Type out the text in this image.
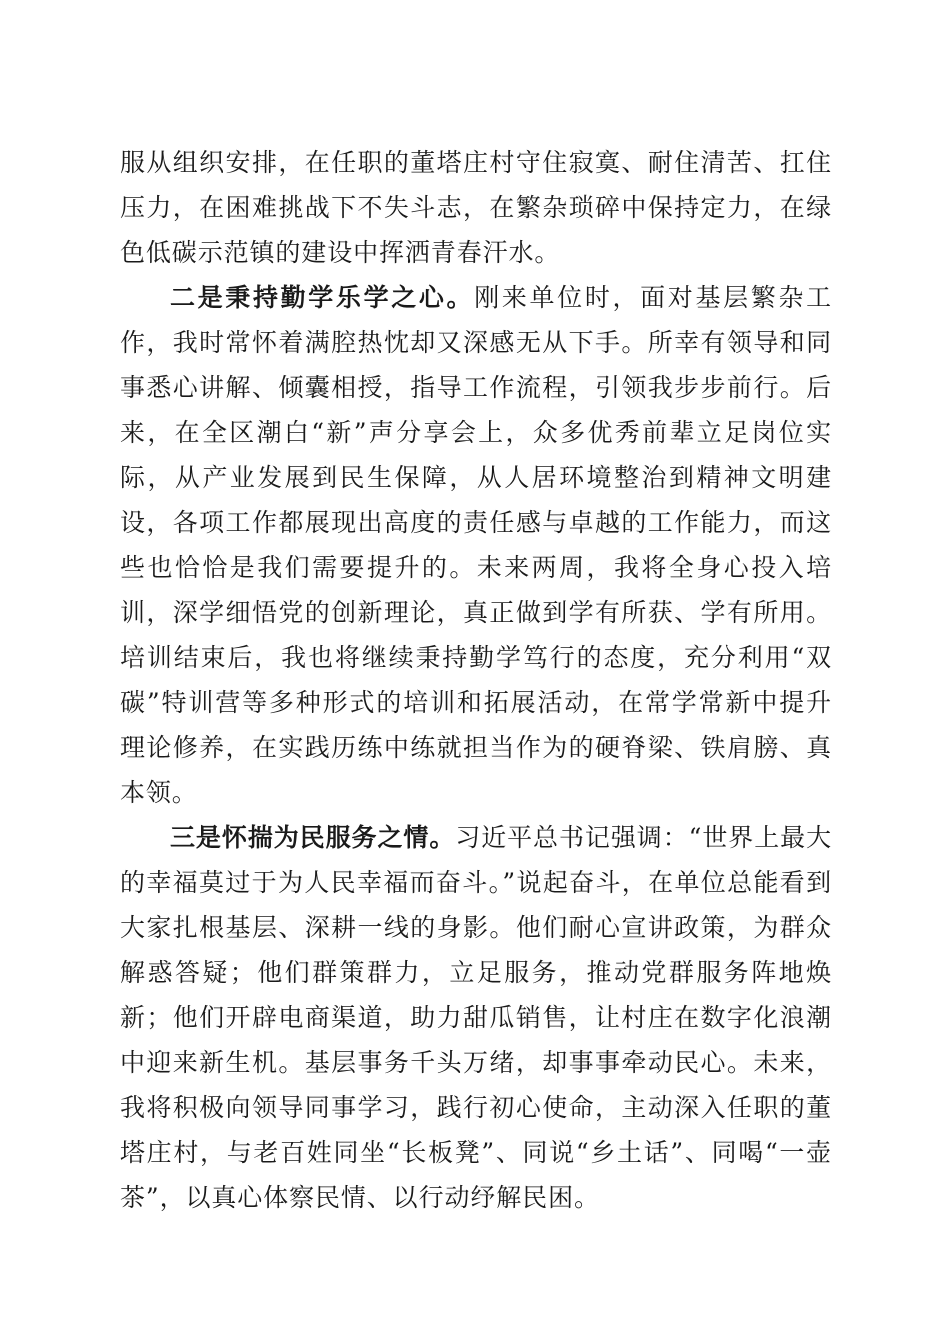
服从组织安排，在任职的董塔庄村守住寂寞、耐住清苦、扛住压力，在困难挑战下不失斗志，在繁杂琐碎中保持定力，在绿色低碳示范镇的建设中挥洒青春汗水。

二是秉持勤学乐学之心。刚来单位时，面对基层繁杂工作，我时常怀着满腔热忱却又深感无从下手。所幸有领导和同事悉心讲解、倾囊相授，指导工作流程，引领我步步前行。后来，在全区潮白“新”声分享会上，众多优秀前辈立足岗位实际，从产业发展到民生保障，从人居环境整治到精神文明建设，各项工作都展现出高度的责任感与卓越的工作能力，而这些也恰恰是我们需要提升的。未来两周，我将全身心投入培训，深学细悟党的创新理论，真正做到学有所获、学有所用。培训结束后，我也将继续秉持勤学笃行的态度，充分利用“双碳”特训营等多种形式的培训和拓展活动，在常学常新中提升理论修养，在实践历练中练就担当作为的硬脊梁、铁肩膀、真本领。

三是怀揣为民服务之情。习近平总书记强调：“世界上最大的幸福莫过于为人民幸福而奋斗。”说起奋斗，在单位总能看到大家扎根基层、深耕一线的身影。他们耐心宣讲政策，为群众解惑答疑；他们群策群力，立足服务，推动党群服务阵地焕新；他们开辟电商渠道，助力甜瓜销售，让村庄在数字化浪潮中迎来新生机。基层事务千头万绪，却事事牵动民心。未来，我将积极向领导同事学习，践行初心使命，主动深入任职的董塔庄村，与老百姓同坐“长板凳”、同说“乡土话”、同喝“一壶茶”，以真心体察民情、以行动纾解民困。
